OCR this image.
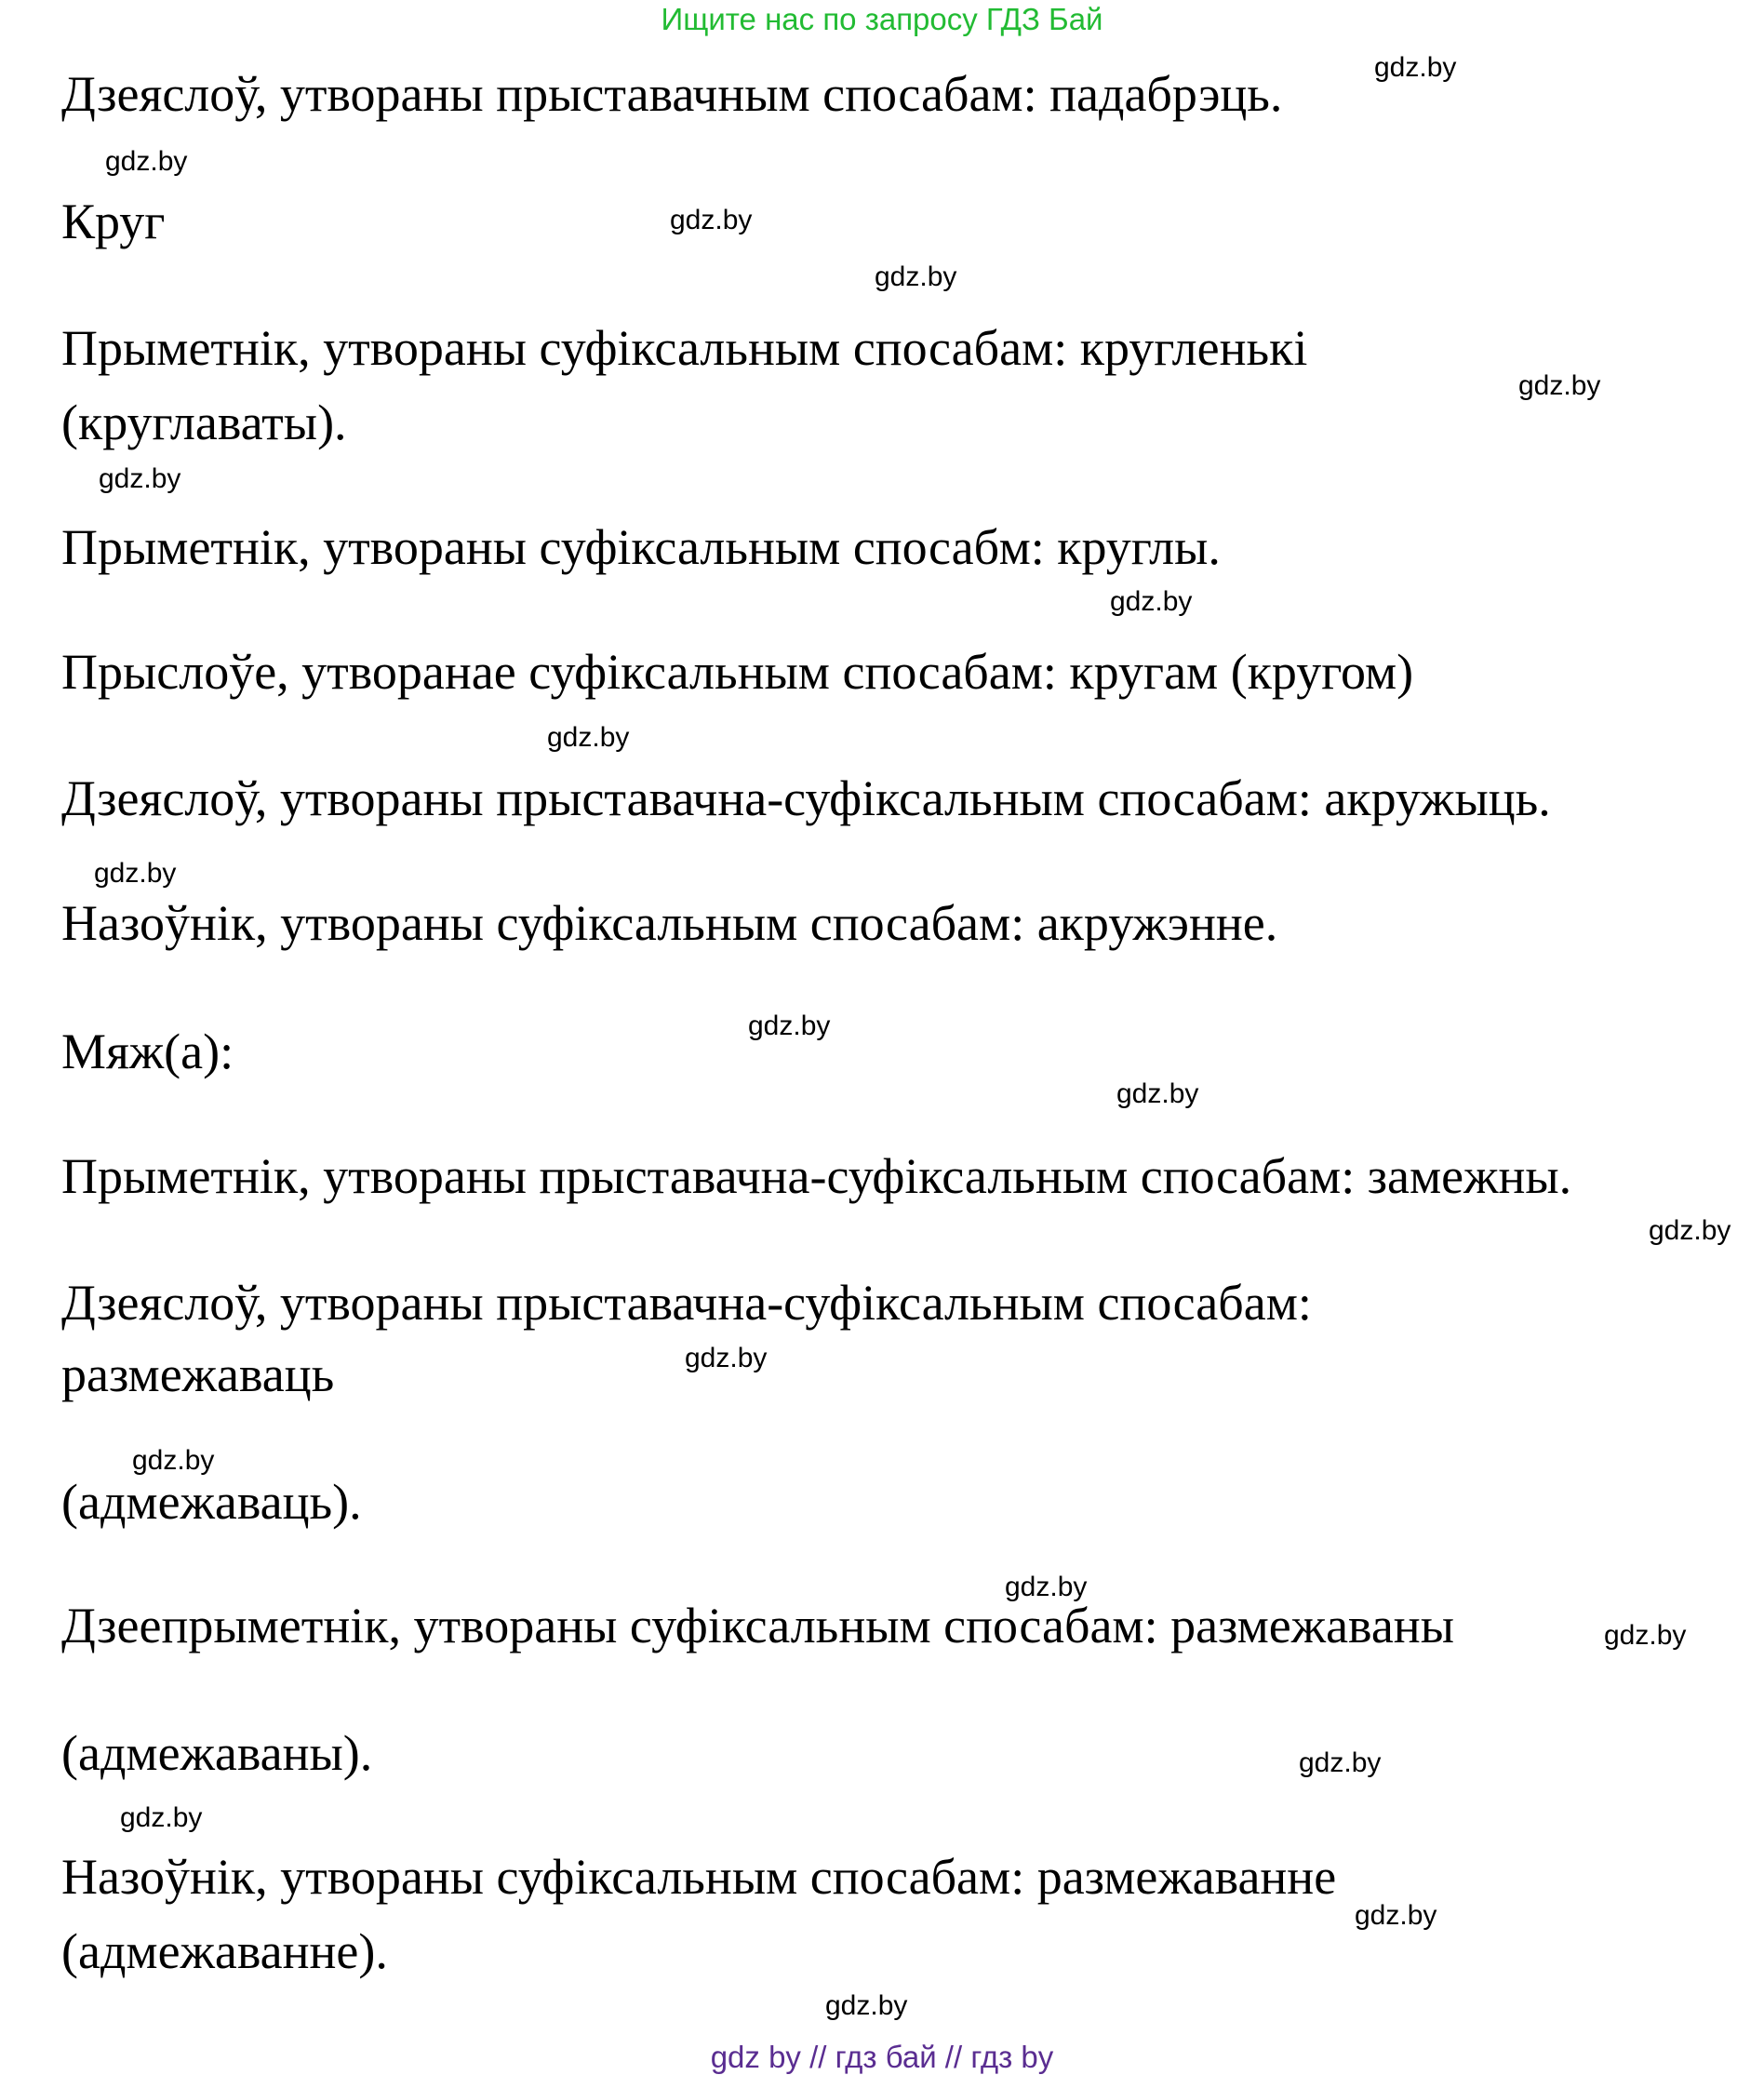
Ищите нас по запросу ГДЗ Бай
Дзеяслоў, утвораны прыставачным спосабам: падабрэць.
Круг
Прыметнік, утвораны суфіксальным спосабам: кругленькі
(круглаваты).
Прыметнік, утвораны суфіксальным спосабм: круглы.
Прыслоўе, утворанае суфіксальным спосабам: кругам (кругом)
Дзеяслоў, утвораны прыставачна-суфіксальным спосабам: акружыць.
Назоўнік, утвораны суфіксальным спосабам: акружэнне.
Мяж(а):
Прыметнік, утвораны прыставачна-суфіксальным спосабам: замежны.
Дзеяслоў, утвораны прыставачна-суфіксальным спосабам:
размежаваць
(адмежаваць).
Дзеепрыметнік, утвораны суфіксальным спосабам: размежаваны
(адмежаваны).
Назоўнік, утвораны суфіксальным спосабам: размежаванне
(адмежаванне).
gdz.by
gdz.by
gdz.by
gdz.by
gdz.by
gdz.by
gdz.by
gdz.by
gdz.by
gdz.by
gdz.by
gdz.by
gdz.by
gdz.by
gdz.by
gdz.by
gdz.by
gdz.by
gdz.by
gdz.by
gdz by // гдз бай // гдз by
